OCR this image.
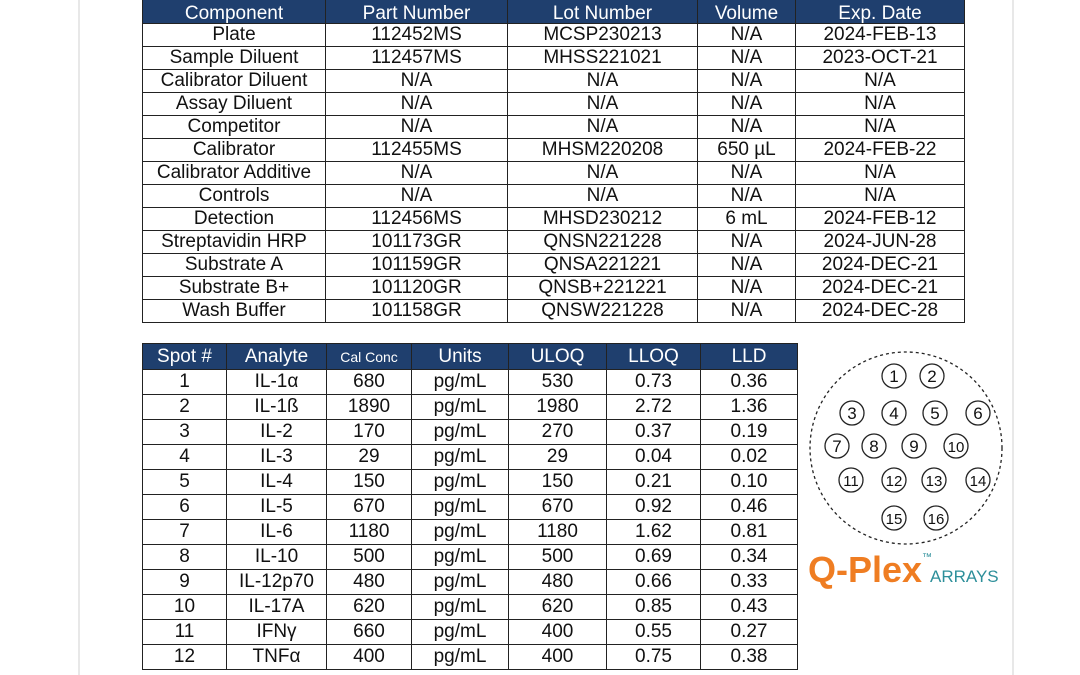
Component	Part Number	Lot Number	Volume	Exp. Date
Plate	112452MS	MCSP230213	N/A	2024-FEB-13
Sample Diluent	112457MS	MHSS221021	N/A	2023-OCT-21
Calibrator Diluent	N/A	N/A	N/A	N/A
Assay Diluent	N/A	N/A	N/A	N/A
Competitor	N/A	N/A	N/A	N/A
Calibrator	112455MS	MHSM220208	650 µL	2024-FEB-22
Calibrator Additive	N/A	N/A	N/A	N/A
Controls	N/A	N/A	N/A	N/A
Detection	112456MS	MHSD230212	6 mL	2024-FEB-12
Streptavidin HRP	101173GR	QNSN221228	N/A	2024-JUN-28
Substrate A	101159GR	QNSA221221	N/A	2024-DEC-21
Substrate B+	101120GR	QNSB+221221	N/A	2024-DEC-21
Wash Buffer	101158GR	QNSW221228	N/A	2024-DEC-28
Spot #	Analyte	Cal Conc	Units	ULOQ	LLOQ	LLD
1	IL-1α	680	pg/mL	530	0.73	0.36
2	IL-1ß	1890	pg/mL	1980	2.72	1.36
3	IL-2	170	pg/mL	270	0.37	0.19
4	IL-3	29	pg/mL	29	0.04	0.02
5	IL-4	150	pg/mL	150	0.21	0.10
6	IL-5	670	pg/mL	670	0.92	0.46
7	IL-6	1180	pg/mL	1180	1.62	0.81
8	IL-10	500	pg/mL	500	0.69	0.34
9	IL-12p70	480	pg/mL	480	0.66	0.33
10	IL-17A	620	pg/mL	620	0.85	0.43
11	IFNγ	660	pg/mL	400	0.55	0.27
12	TNFα	400	pg/mL	400	0.75	0.38
1 2
3 4 5 6
7 8 9 10
11 12 13 14
15 16
Q-Plex ™
ARRAYS
